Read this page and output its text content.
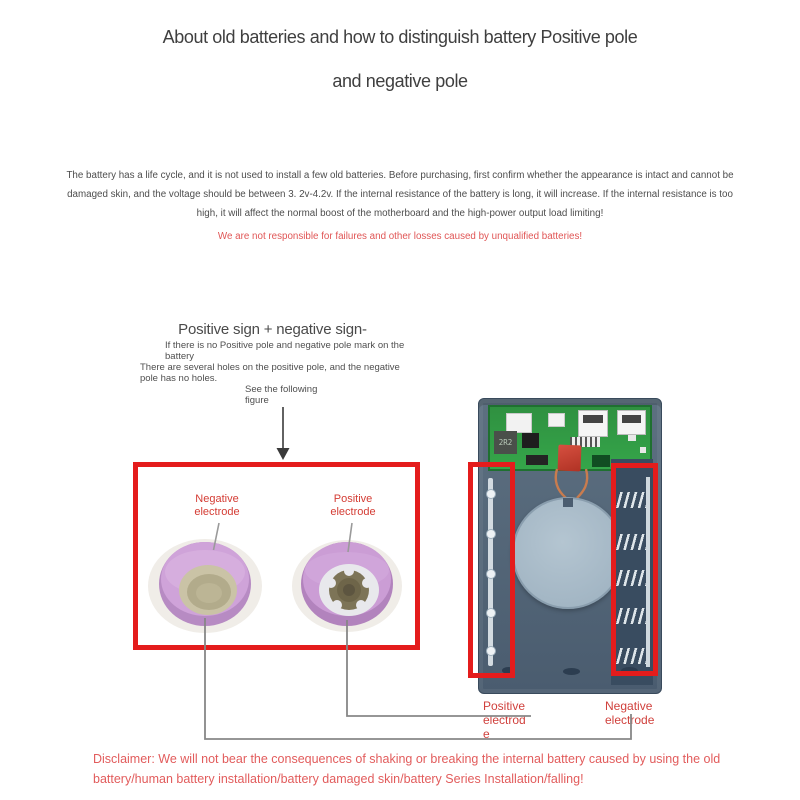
About old batteries and how to distinguish battery Positive pole
and negative pole

The battery has a life cycle, and it is not used to install a few old batteries. Before purchasing, first confirm whether the appearance is intact and cannot be damaged skin, and the voltage should be between 3. 2v-4.2v. If the internal resistance of the battery is long, it will increase. If the internal resistance is too high, it will affect the normal boost of the motherboard and the high-power output load limiting!

We are not responsible for failures and other losses caused by unqualified batteries!

Positive sign + negative sign-
If there is no Positive pole and negative pole mark on the battery
There are several holes on the positive pole, and the negative pole has no holes.
See the following figure
Negative electrode
Positive electrode
2R2
Positive electrode
Negative electrode

Disclaimer: We will not bear the consequences of shaking or breaking the internal battery caused by using the old battery/human battery installation/battery damaged skin/battery Series Installation/falling!
